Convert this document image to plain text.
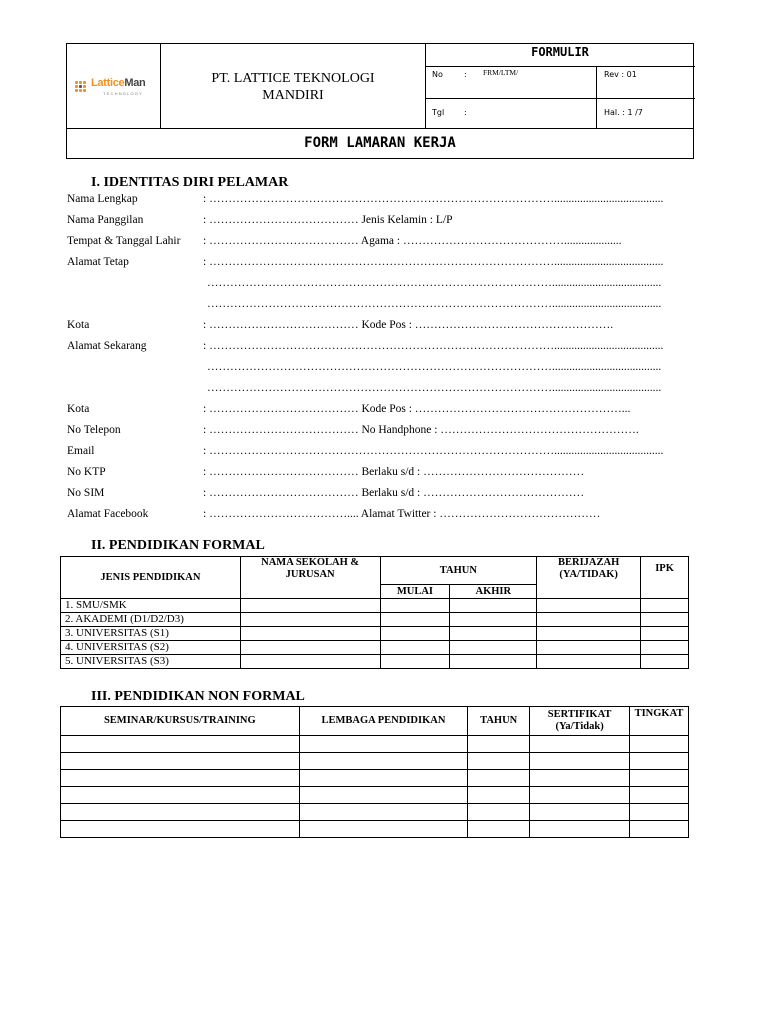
LatticeMan
TECHNOLOGY
PT. LATTICE TEKNOLOGI
MANDIRI
FORMULIR
No	: FRM/LTM/	Rev : 01
Tgl :	Hal. : 1 /7
FORM LAMARAN KERJA
I. IDENTITAS DIRI PELAMAR
Nama Lengkap	: ………………………………………………………………………………......................................
Nama Panggilan	: ………………………………… Jenis Kelamin : L/P
Tempat & Tanggal Lahir : ………………………………… Agama : ……………………………………....................
Alamat Tetap	: ………………………………………………………………………………......................................
………………………………………………………………………………......................................
………………………………………………………………………………......................................
Kota	: ………………………………… Kode Pos : …………………………………………….
Alamat Sekarang	: ………………………………………………………………………………......................................
………………………………………………………………………………......................................
………………………………………………………………………………......................................
Kota	: ………………………………… Kode Pos : ………………………………………………...
No Telepon	: ………………………………… No Handphone : …………………………………………….
Email	: ………………………………………………………………………………......................................
No KTP	: ………………………………… Berlaku s/d : ……………………………………
No SIM	: ………………………………… Berlaku s/d : ……………………………………
Alamat Facebook	: ……………………………….... Alamat Twitter : ……………………………………
II. PENDIDIKAN FORMAL
JENIS PENDIDIKAN	NAMA SEKOLAH & JURUSAN	TAHUN		BERIJAZAH (YA/TIDAK)	IPK
		MULAI	AKHIR		
1. SMU/SMK					
2. AKADEMI (D1/D2/D3)					
3. UNIVERSITAS (S1)					
4. UNIVERSITAS (S2)					
5. UNIVERSITAS (S3)					
III. PENDIDIKAN NON FORMAL
SEMINAR/KURSUS/TRAINING	LEMBAGA PENDIDIKAN	TAHUN	SERTIFIKAT (Ya/Tidak)	TINGKAT
